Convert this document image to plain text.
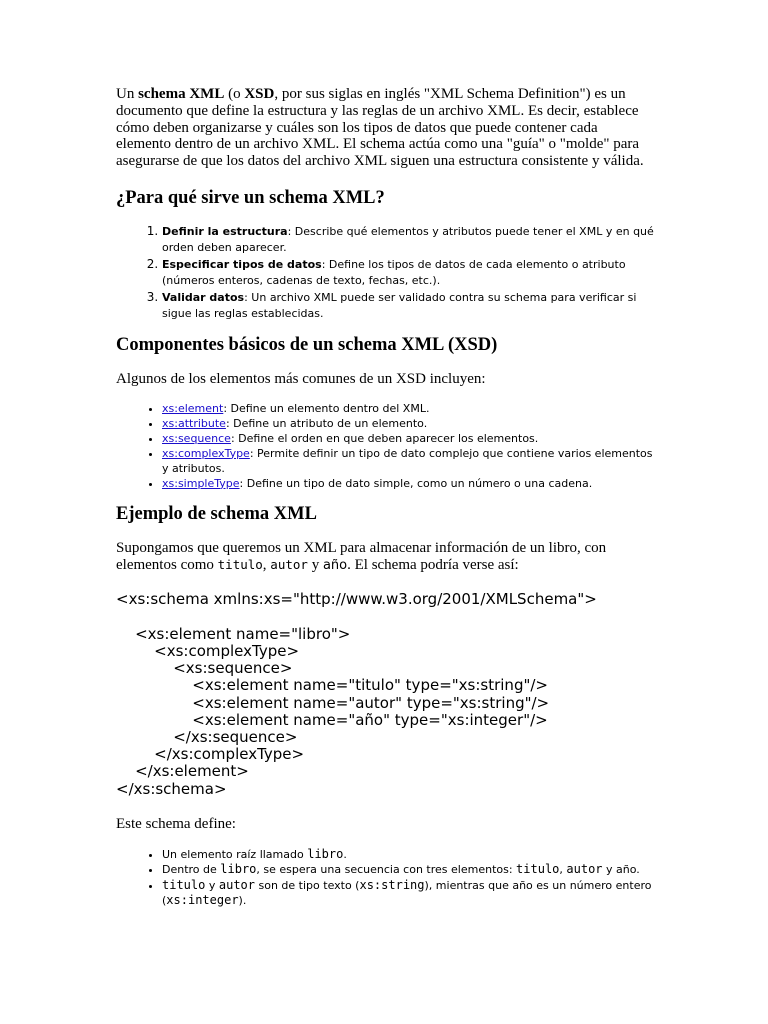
Un schema XML (o XSD, por sus siglas en inglés "XML Schema Definition") es un documento que define la estructura y las reglas de un archivo XML. Es decir, establece cómo deben organizarse y cuáles son los tipos de datos que puede contener cada elemento dentro de un archivo XML. El schema actúa como una "guía" o "molde" para asegurarse de que los datos del archivo XML siguen una estructura consistente y válida.

¿Para qué sirve un schema XML?
1. Definir la estructura: Describe qué elementos y atributos puede tener el XML y en qué orden deben aparecer.
2. Especificar tipos de datos: Define los tipos de datos de cada elemento o atributo (números enteros, cadenas de texto, fechas, etc.).
3. Validar datos: Un archivo XML puede ser validado contra su schema para verificar si sigue las reglas establecidas.
Componentes básicos de un schema XML (XSD)

Algunos de los elementos más comunes de un XSD incluyen:

• xs:element: Define un elemento dentro del XML.
• xs:attribute: Define un atributo de un elemento.
• xs:sequence: Define el orden en que deben aparecer los elementos.
• xs:complexType: Permite definir un tipo de dato complejo que contiene varios elementos y atributos.
• xs:simpleType: Define un tipo de dato simple, como un número o una cadena.
Ejemplo de schema XML

Supongamos que queremos un XML para almacenar información de un libro, con elementos como titulo, autor y año. El schema podría verse así:

<xs:schema xmlns:xs="http://www.w3.org/2001/XMLSchema">

<xs:element name="libro">
<xs:complexType>
<xs:sequence>
<xs:element name="titulo" type="xs:string"/>
<xs:element name="autor" type="xs:string"/>
<xs:element name="año" type="xs:integer"/>
</xs:sequence>
</xs:complexType>
</xs:element>
</xs:schema>

Este schema define:

• Un elemento raíz llamado libro.
• Dentro de libro, se espera una secuencia con tres elementos: titulo, autor y año.
• titulo y autor son de tipo texto (xs:string), mientras que año es un número entero (xs:integer).
